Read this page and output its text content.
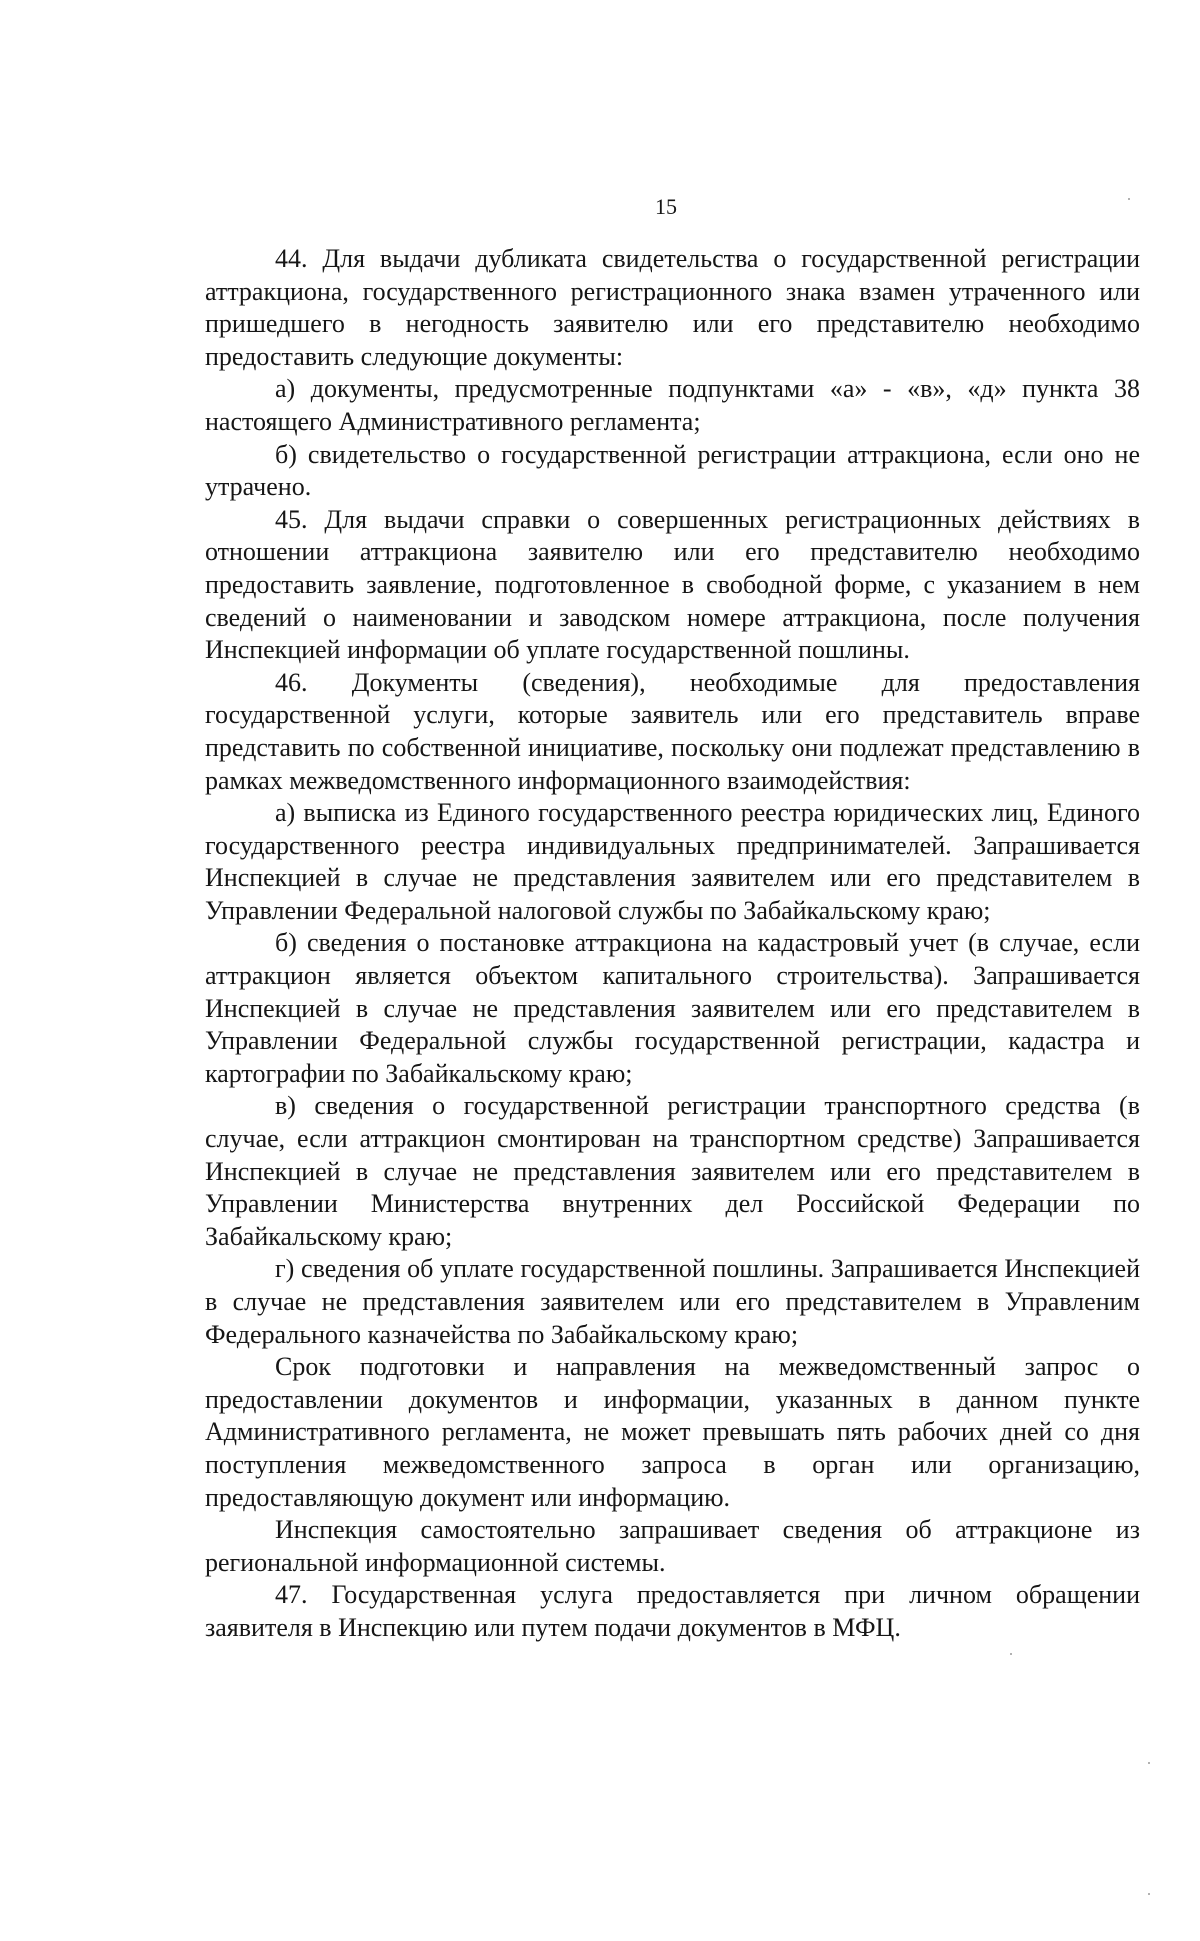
15

44. Для выдачи дубликата свидетельства о государственной регистрации аттракциона, государственного регистрационного знака взамен утраченного или пришедшего в негодность заявителю или его представителю необходимо предоставить следующие документы:

а) документы, предусмотренные подпунктами «а» - «в», «д» пункта 38 настоящего Административного регламента;

б) свидетельство о государственной регистрации аттракциона, если оно не утрачено.

45. Для выдачи справки о совершенных регистрационных действиях в отношении аттракциона заявителю или его представителю необходимо предоставить заявление, подготовленное в свободной форме, с указанием в нем сведений о наименовании и заводском номере аттракциона, после получения Инспекцией информации об уплате государственной пошлины.

46. Документы (сведения), необходимые для предоставления государственной услуги, которые заявитель или его представитель вправе представить по собственной инициативе, поскольку они подлежат представлению в рамках межведомственного информационного взаимодействия:

а) выписка из Единого государственного реестра юридических лиц, Единого государственного реестра индивидуальных предпринимателей. Запрашивается Инспекцией в случае не представления заявителем или его представителем в Управлении Федеральной налоговой службы по Забайкальскому краю;

б) сведения о постановке аттракциона на кадастровый учет (в случае, если аттракцион является объектом капитального строительства). Запрашивается Инспекцией в случае не представления заявителем или его представителем в Управлении Федеральной службы государственной регистрации, кадастра и картографии по Забайкальскому краю;

в) сведения о государственной регистрации транспортного средства (в случае, если аттракцион смонтирован на транспортном средстве) Запрашивается Инспекцией в случае не представления заявителем или его представителем в Управлении Министерства внутренних дел Российской Федерации по Забайкальскому краю;

г) сведения об уплате государственной пошлины. Запрашивается Инспекцией в случае не представления заявителем или его представителем в Управленим Федерального казначейства по Забайкальскому краю;

Срок подготовки и направления на межведомственный запрос о предоставлении документов и информации, указанных в данном пункте Административного регламента, не может превышать пять рабочих дней со дня поступления межведомственного запроса в орган или организацию, предоставляющую документ или информацию.

Инспекция самостоятельно запрашивает сведения об аттракционе из региональной информационной системы.

47. Государственная услуга предоставляется при личном обращении заявителя в Инспекцию или путем подачи документов в МФЦ.
